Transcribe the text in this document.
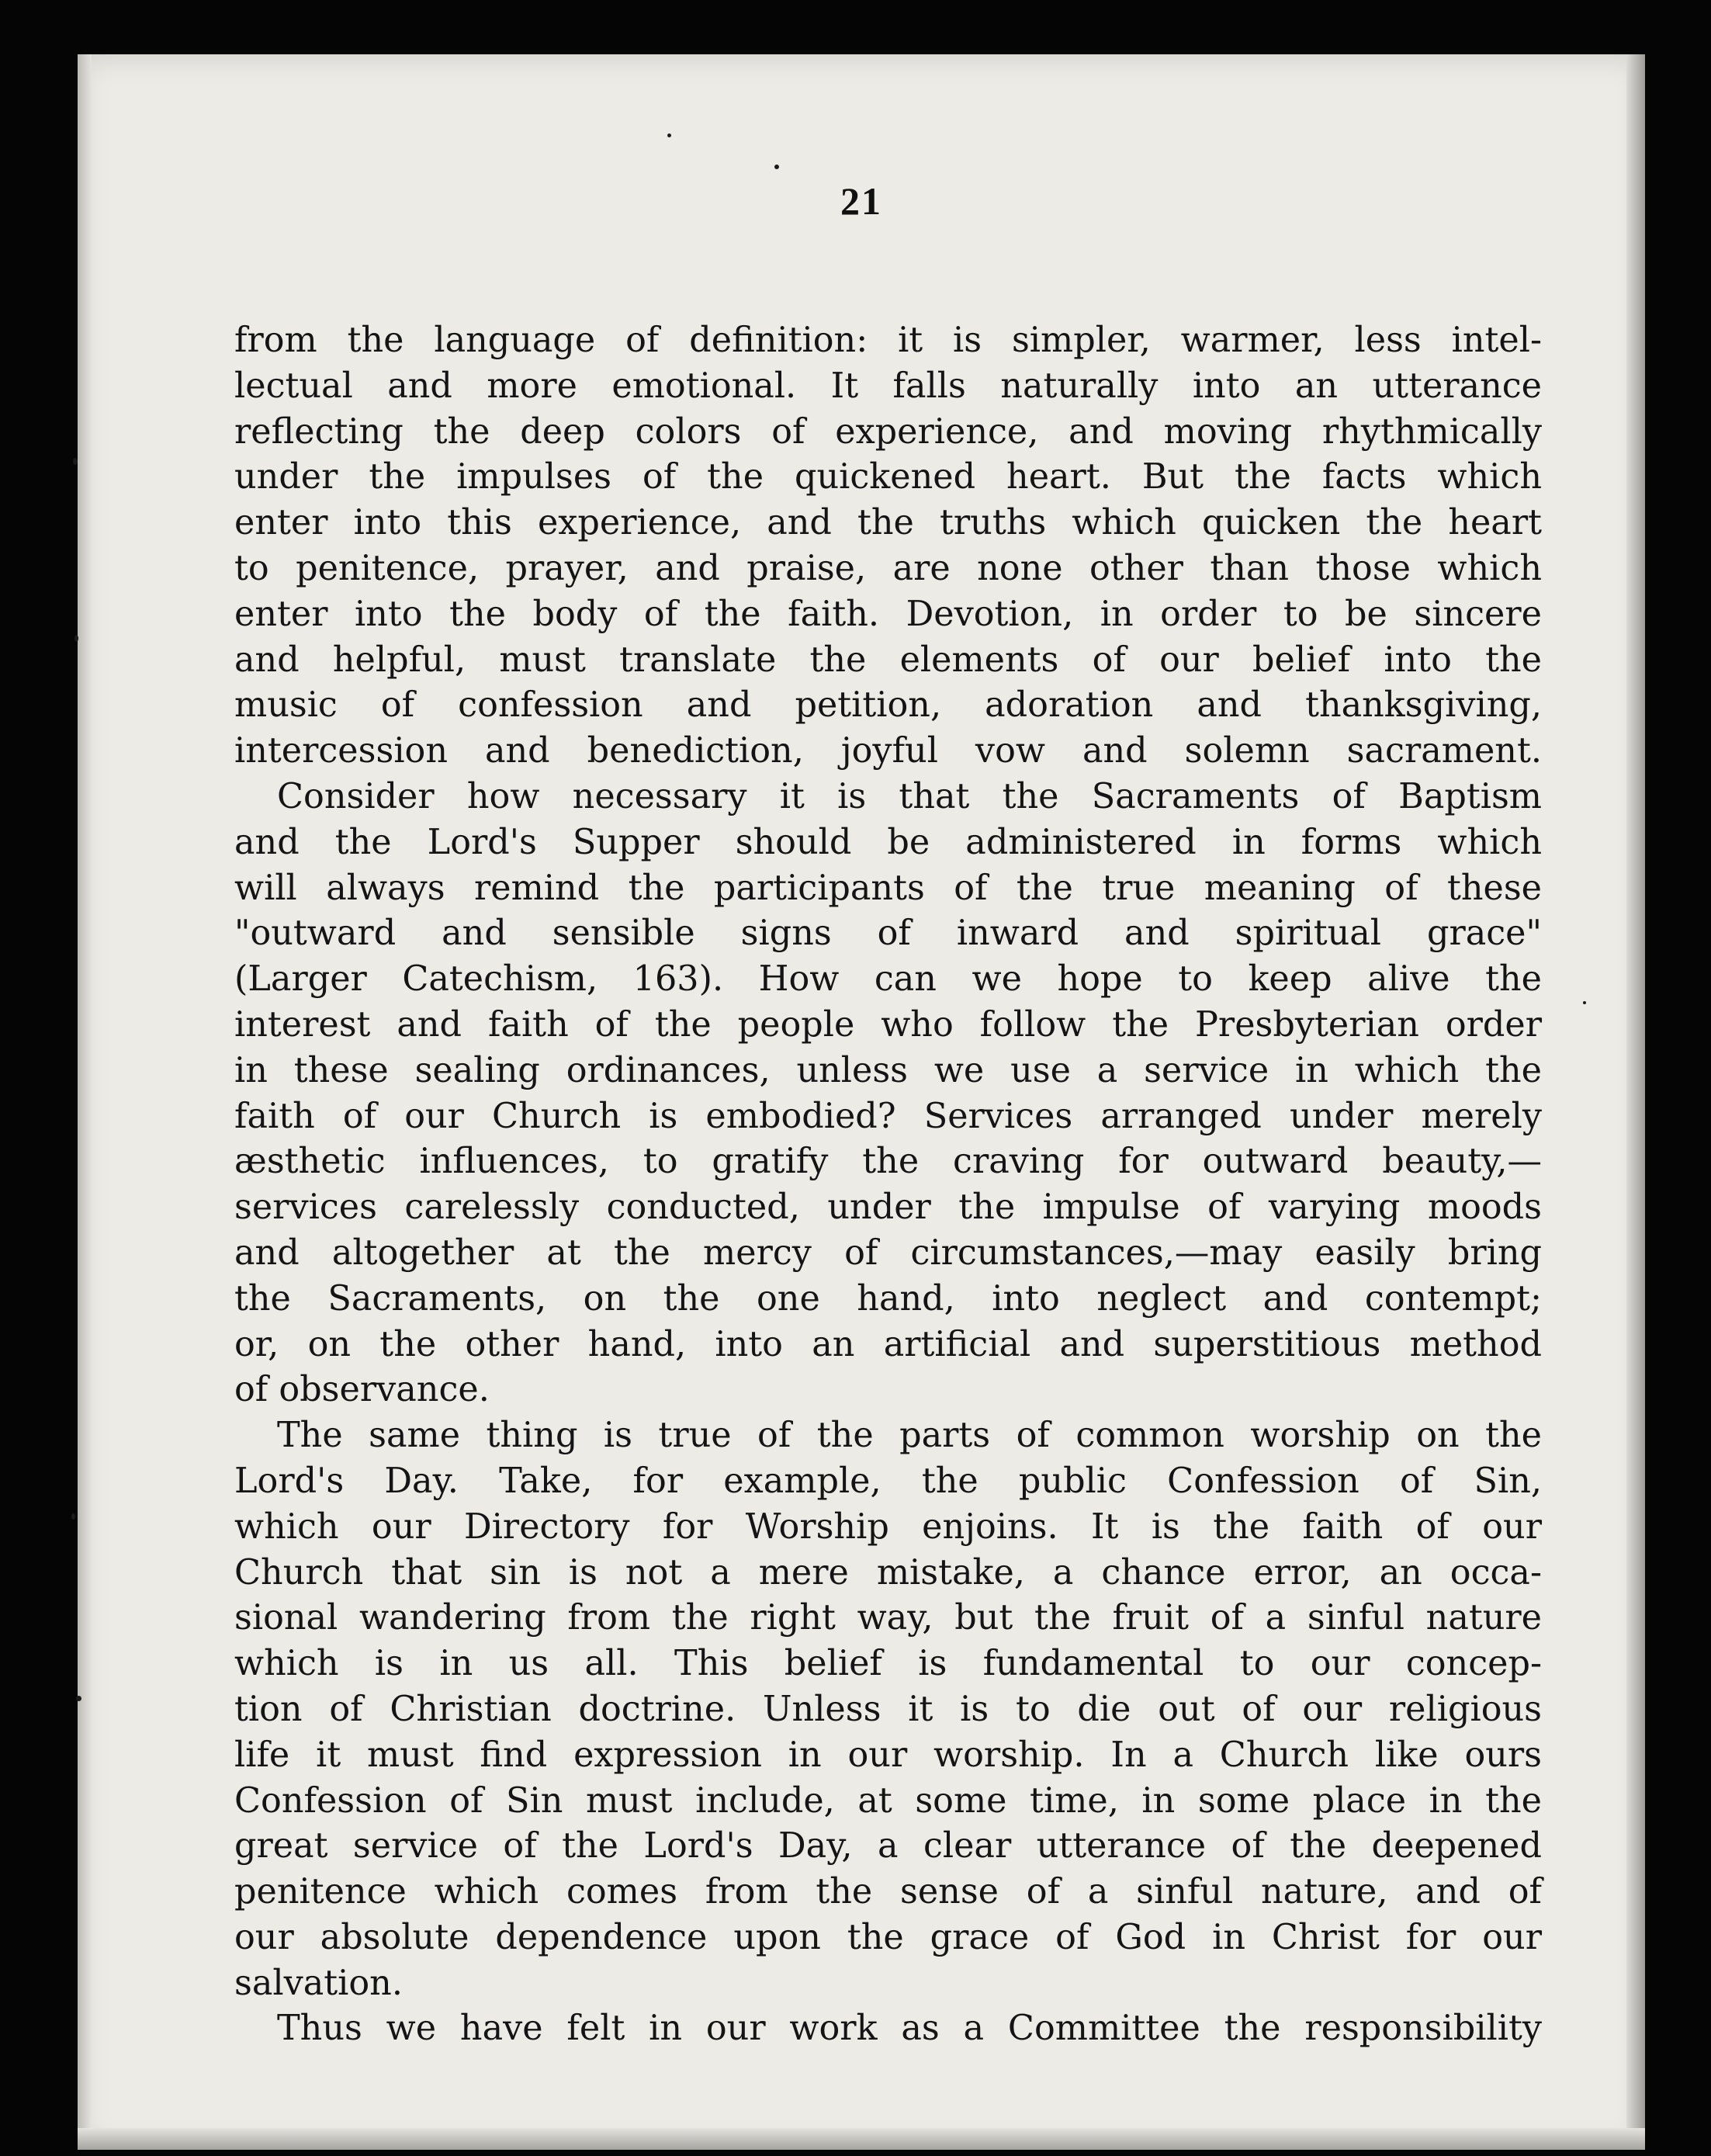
21
from the language of definition: it is simpler, warmer, less intel-
lectual and more emotional. It falls naturally into an utterance
reflecting the deep colors of experience, and moving rhythmically
under the impulses of the quickened heart. But the facts which
enter into this experience, and the truths which quicken the heart
to penitence, prayer, and praise, are none other than those which
enter into the body of the faith. Devotion, in order to be sincere
and helpful, must translate the elements of our belief into the
music of confession and petition, adoration and thanksgiving,
intercession and benediction, joyful vow and solemn sacrament.
Consider how necessary it is that the Sacraments of Baptism
and the Lord's Supper should be administered in forms which
will always remind the participants of the true meaning of these
"outward and sensible signs of inward and spiritual grace"
(Larger Catechism, 163). How can we hope to keep alive the
interest and faith of the people who follow the Presbyterian order
in these sealing ordinances, unless we use a service in which the
faith of our Church is embodied? Services arranged under merely
æsthetic influences, to gratify the craving for outward beauty,—
services carelessly conducted, under the impulse of varying moods
and altogether at the mercy of circumstances,—may easily bring
the Sacraments, on the one hand, into neglect and contempt;
or, on the other hand, into an artificial and superstitious method
of observance.
The same thing is true of the parts of common worship on the
Lord's Day. Take, for example, the public Confession of Sin,
which our Directory for Worship enjoins. It is the faith of our
Church that sin is not a mere mistake, a chance error, an occa-
sional wandering from the right way, but the fruit of a sinful nature
which is in us all. This belief is fundamental to our concep-
tion of Christian doctrine. Unless it is to die out of our religious
life it must find expression in our worship. In a Church like ours
Confession of Sin must include, at some time, in some place in the
great service of the Lord's Day, a clear utterance of the deepened
penitence which comes from the sense of a sinful nature, and of
our absolute dependence upon the grace of God in Christ for our
salvation.
Thus we have felt in our work as a Committee the responsibility
